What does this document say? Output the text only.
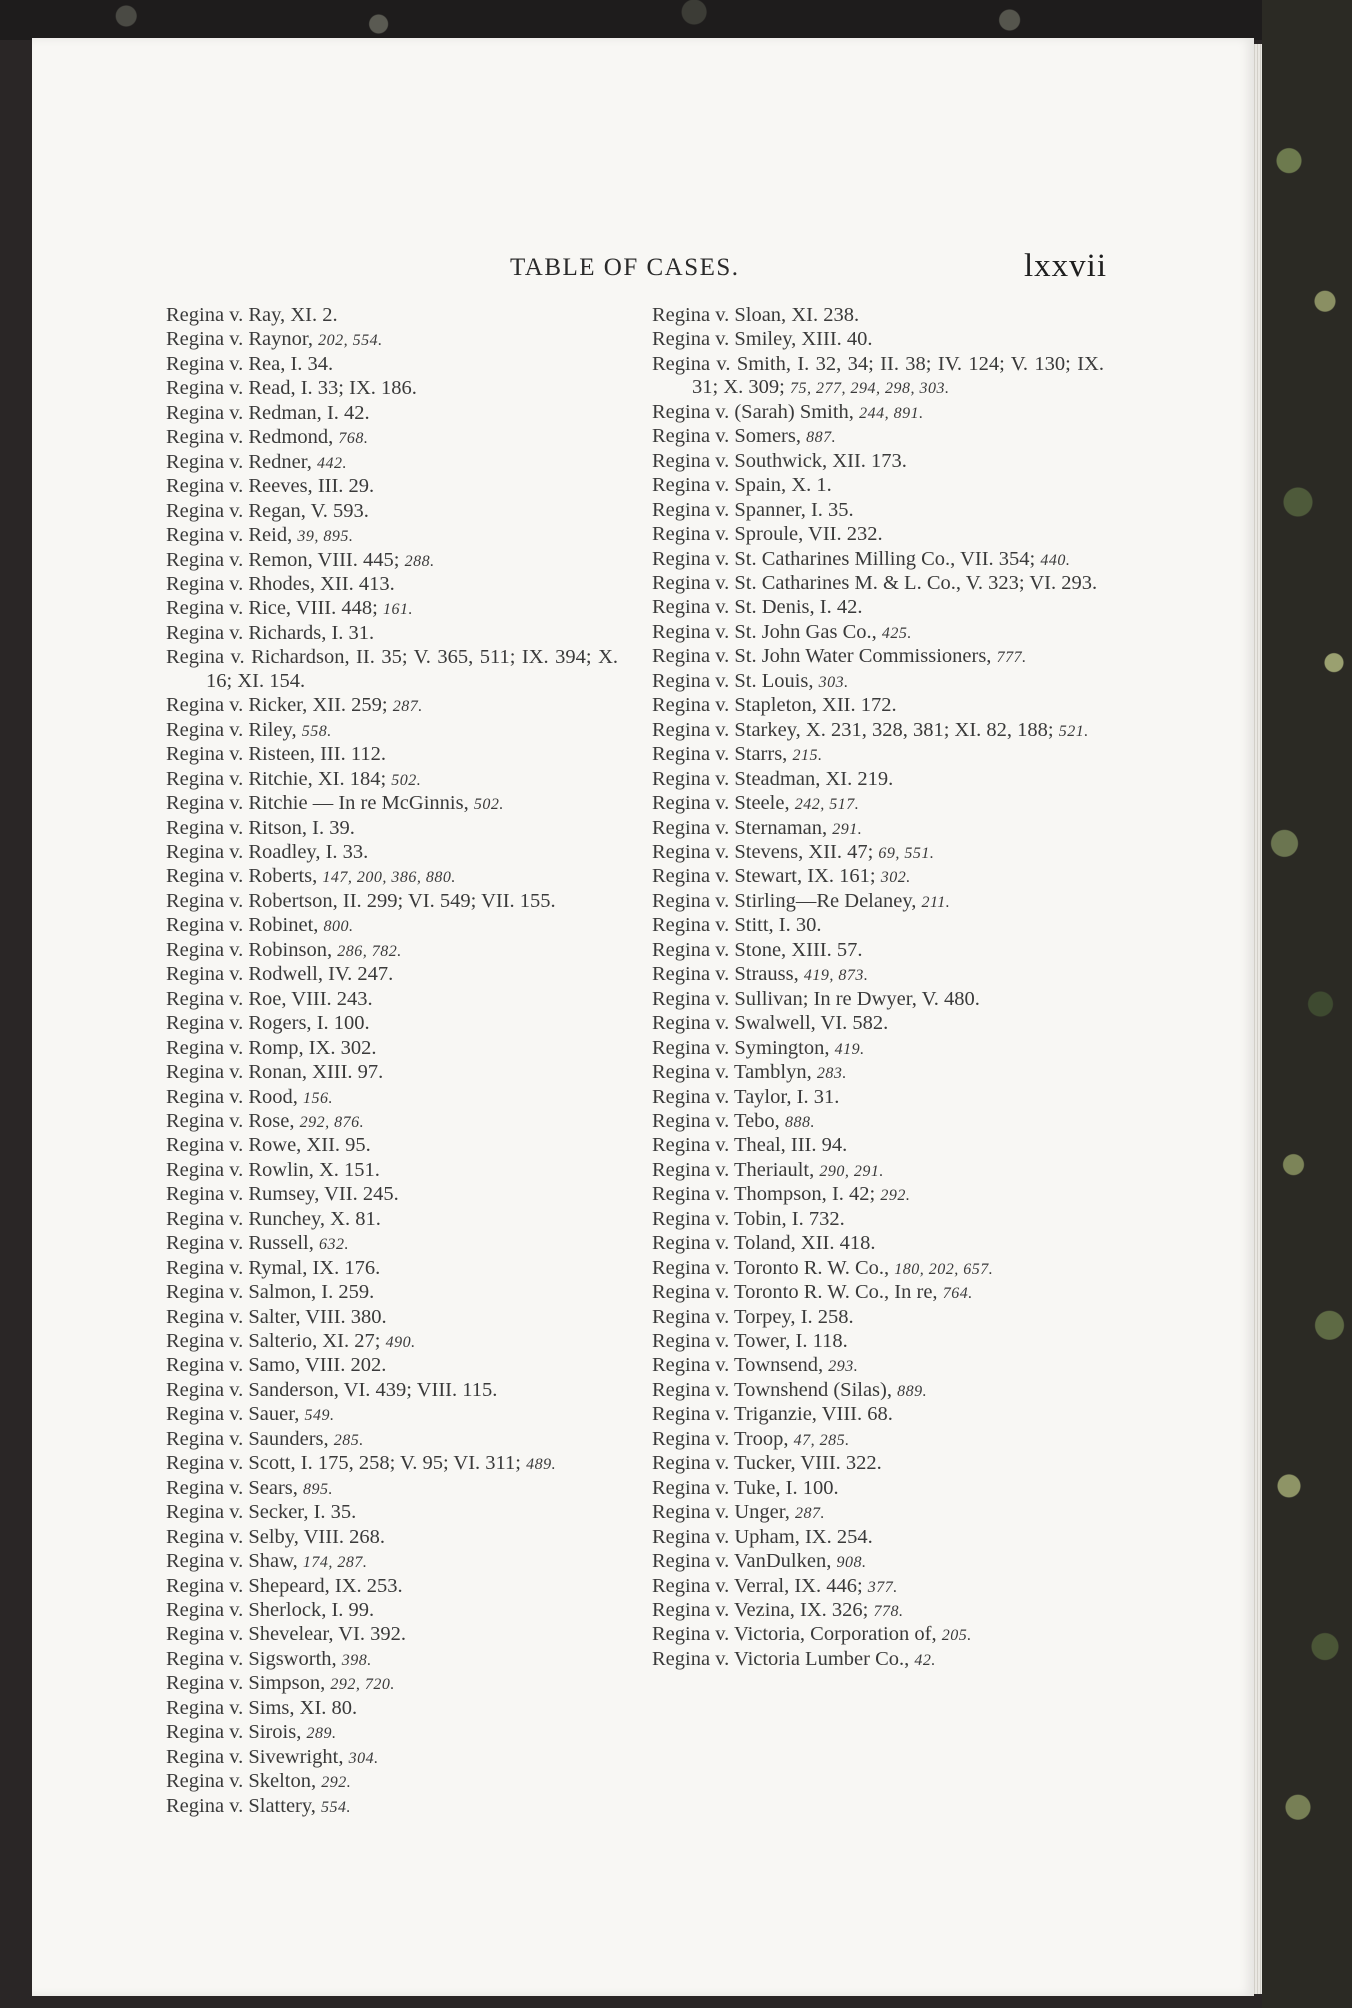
TABLE OF CASES.	lxxvii

Regina v. Ray, XI. 2.

Regina v. Raynor, 202, 554.

Regina v. Rea, I. 34.

Regina v. Read, I. 33; IX. 186.

Regina v. Redman, I. 42.

Regina v. Redmond, 768.

Regina v. Redner, 442.

Regina v. Reeves, III. 29.

Regina v. Regan, V. 593.

Regina v. Reid, 39, 895.

Regina v. Remon, VIII. 445; 288.

Regina v. Rhodes, XII. 413.

Regina v. Rice, VIII. 448; 161.

Regina v. Richards, I. 31.

Regina v. Richardson, II. 35; V. 365, 511; IX. 394; X. 16; XI. 154.

Regina v. Ricker, XII. 259; 287.

Regina v. Riley, 558.

Regina v. Risteen, III. 112.

Regina v. Ritchie, XI. 184; 502.

Regina v. Ritchie — In re McGinnis, 502.

Regina v. Ritson, I. 39.

Regina v. Roadley, I. 33.

Regina v. Roberts, 147, 200, 386, 880.

Regina v. Robertson, II. 299; VI. 549; VII. 155.

Regina v. Robinet, 800.

Regina v. Robinson, 286, 782.

Regina v. Rodwell, IV. 247.

Regina v. Roe, VIII. 243.

Regina v. Rogers, I. 100.

Regina v. Romp, IX. 302.

Regina v. Ronan, XIII. 97.

Regina v. Rood, 156.

Regina v. Rose, 292, 876.

Regina v. Rowe, XII. 95.

Regina v. Rowlin, X. 151.

Regina v. Rumsey, VII. 245.

Regina v. Runchey, X. 81.

Regina v. Russell, 632.

Regina v. Rymal, IX. 176.

Regina v. Salmon, I. 259.

Regina v. Salter, VIII. 380.

Regina v. Salterio, XI. 27; 490.

Regina v. Samo, VIII. 202.

Regina v. Sanderson, VI. 439; VIII. 115.

Regina v. Sauer, 549.

Regina v. Saunders, 285.

Regina v. Scott, I. 175, 258; V. 95; VI. 311; 489.

Regina v. Sears, 895.

Regina v. Secker, I. 35.

Regina v. Selby, VIII. 268.

Regina v. Shaw, 174, 287.

Regina v. Shepeard, IX. 253.

Regina v. Sherlock, I. 99.

Regina v. Shevelear, VI. 392.

Regina v. Sigsworth, 398.

Regina v. Simpson, 292, 720.

Regina v. Sims, XI. 80.

Regina v. Sirois, 289.

Regina v. Sivewright, 304.

Regina v. Skelton, 292.

Regina v. Slattery, 554.

Regina v. Sloan, XI. 238.

Regina v. Smiley, XIII. 40.

Regina v. Smith, I. 32, 34; II. 38; IV. 124; V. 130; IX. 31; X. 309; 75, 277, 294, 298, 303.

Regina v. (Sarah) Smith, 244, 891.

Regina v. Somers, 887.

Regina v. Southwick, XII. 173.

Regina v. Spain, X. 1.

Regina v. Spanner, I. 35.

Regina v. Sproule, VII. 232.

Regina v. St. Catharines Milling Co., VII. 354; 440.

Regina v. St. Catharines M. & L. Co., V. 323; VI. 293.

Regina v. St. Denis, I. 42.

Regina v. St. John Gas Co., 425.

Regina v. St. John Water Commissioners, 777.

Regina v. St. Louis, 303.

Regina v. Stapleton, XII. 172.

Regina v. Starkey, X. 231, 328, 381; XI. 82, 188; 521.

Regina v. Starrs, 215.

Regina v. Steadman, XI. 219.

Regina v. Steele, 242, 517.

Regina v. Sternaman, 291.

Regina v. Stevens, XII. 47; 69, 551.

Regina v. Stewart, IX. 161; 302.

Regina v. Stirling—Re Delaney, 211.

Regina v. Stitt, I. 30.

Regina v. Stone, XIII. 57.

Regina v. Strauss, 419, 873.

Regina v. Sullivan; In re Dwyer, V. 480.

Regina v. Swalwell, VI. 582.

Regina v. Symington, 419.

Regina v. Tamblyn, 283.

Regina v. Taylor, I. 31.

Regina v. Tebo, 888.

Regina v. Theal, III. 94.

Regina v. Theriault, 290, 291.

Regina v. Thompson, I. 42; 292.

Regina v. Tobin, I. 732.

Regina v. Toland, XII. 418.

Regina v. Toronto R. W. Co., 180, 202, 657.

Regina v. Toronto R. W. Co., In re, 764.

Regina v. Torpey, I. 258.

Regina v. Tower, I. 118.

Regina v. Townsend, 293.

Regina v. Townshend (Silas), 889.

Regina v. Triganzie, VIII. 68.

Regina v. Troop, 47, 285.

Regina v. Tucker, VIII. 322.

Regina v. Tuke, I. 100.

Regina v. Unger, 287.

Regina v. Upham, IX. 254.

Regina v. VanDulken, 908.

Regina v. Verral, IX. 446; 377.

Regina v. Vezina, IX. 326; 778.

Regina v. Victoria, Corporation of, 205.

Regina v. Victoria Lumber Co., 42.
